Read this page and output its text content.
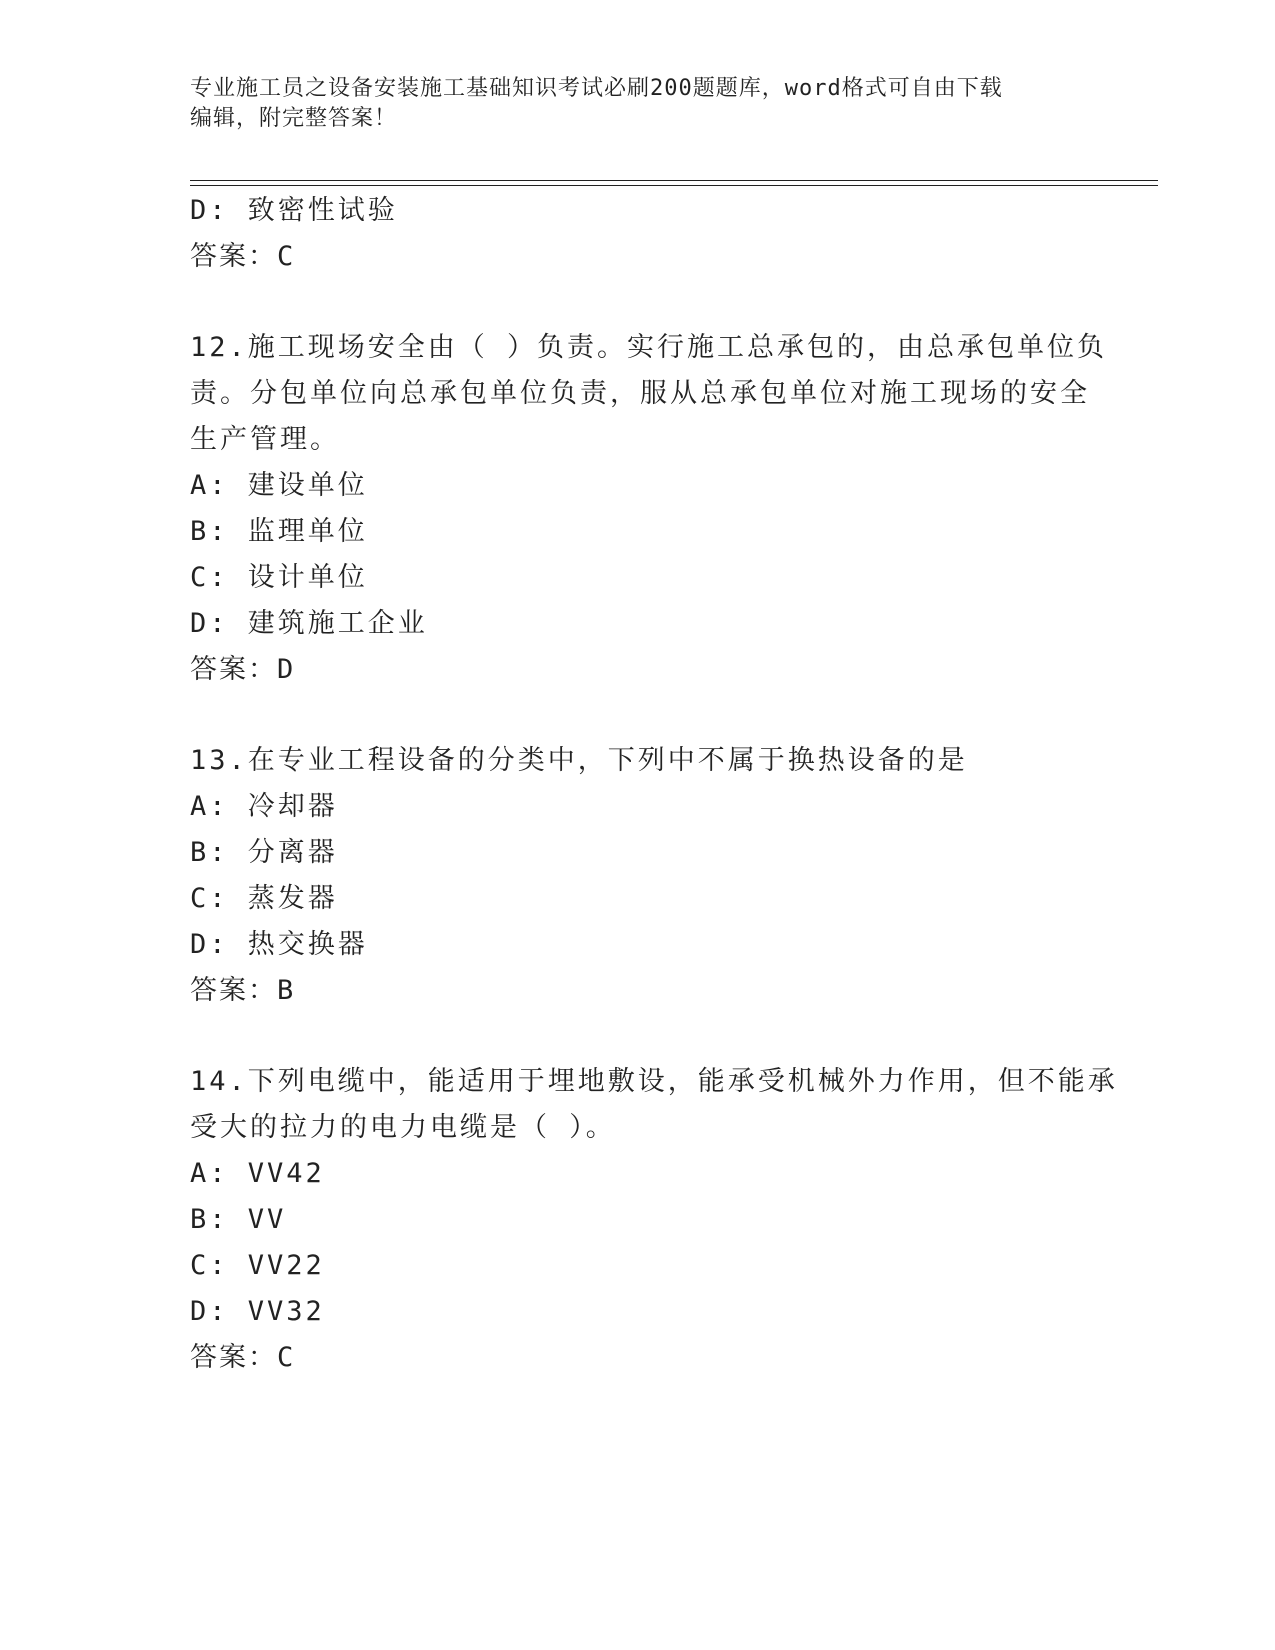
专业施工员之设备安装施工基础知识考试必刷200题题库，word格式可自由下载
编辑，附完整答案！
D: 致密性试验
答案：C
12.施工现场安全由（ ）负责。实行施工总承包的，由总承包单位负
责。分包单位向总承包单位负责，服从总承包单位对施工现场的安全
生产管理。
A: 建设单位
B: 监理单位
C: 设计单位
D: 建筑施工企业
答案：D
13.在专业工程设备的分类中，下列中不属于换热设备的是
A: 冷却器
B: 分离器
C: 蒸发器
D: 热交换器
答案：B
14.下列电缆中，能适用于埋地敷设，能承受机械外力作用，但不能承
受大的拉力的电力电缆是（ ）。
A: VV42
B: VV
C: VV22
D: VV32
答案：C
